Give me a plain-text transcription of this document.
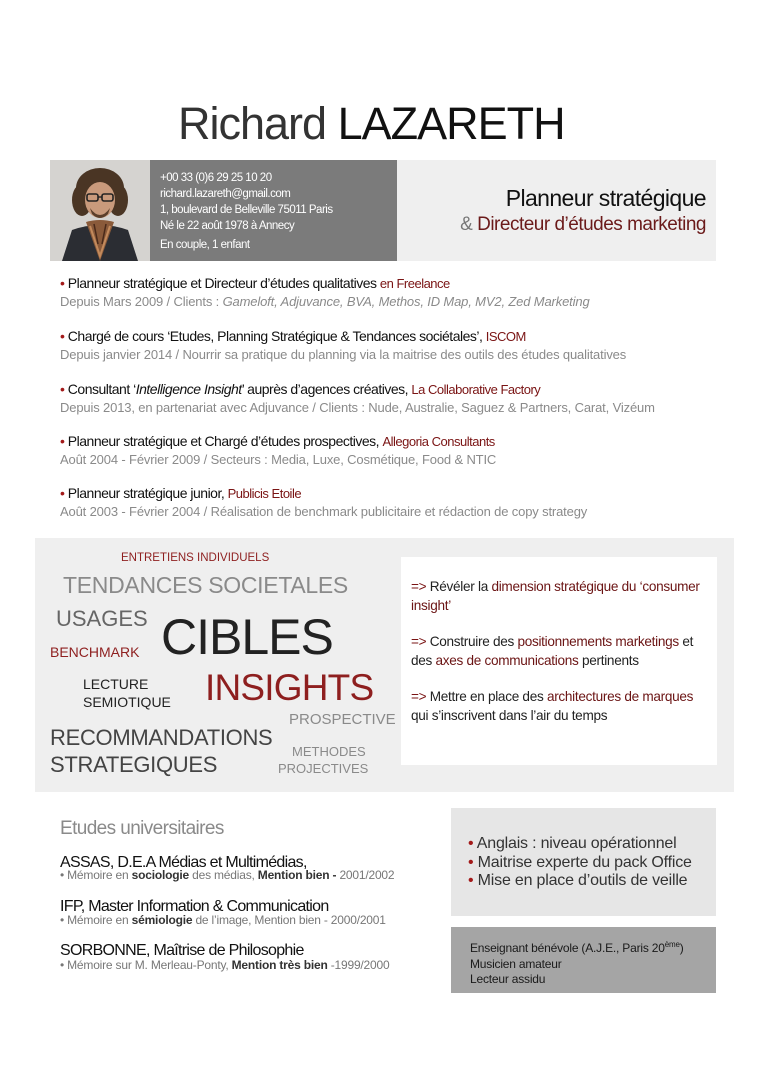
Richard LAZARETH
+00 33 (0)6 29 25 10 20
richard.lazareth@gmail.com
1, boulevard de Belleville 75011 Paris
Né le 22 août 1978 à Annecy
En couple, 1 enfant
Planneur stratégique
& Directeur d’études marketing
• Planneur stratégique et Directeur d’études qualitatives en Freelance
Depuis Mars 2009 / Clients : Gameloft, Adjuvance, BVA, Methos, ID Map, MV2, Zed Marketing
• Chargé de cours ‘Etudes, Planning Stratégique & Tendances sociétales’, ISCOM
Depuis janvier 2014 / Nourrir sa pratique du planning via la maitrise des outils des études qualitatives
• Consultant ‘Intelligence Insight’ auprès d’agences créatives, La Collaborative Factory
Depuis 2013, en partenariat avec Adjuvance / Clients : Nude, Australie, Saguez & Partners, Carat, Vizéum
• Planneur stratégique et Chargé d’études prospectives, Allegoria Consultants
Août 2004 - Février 2009 / Secteurs : Media, Luxe, Cosmétique, Food & NTIC
• Planneur stratégique junior, Publicis Etoile
Août 2003 - Février 2004 / Réalisation de benchmark publicitaire et rédaction de copy strategy
ENTRETIENS INDIVIDUELS
TENDANCES SOCIETALES
USAGES
BENCHMARK CIBLES
LECTURE
SEMIOTIQUE INSIGHTS
PROSPECTIVE
RECOMMANDATIONS
STRATEGIQUES
METHODES
PROJECTIVES

=> Révéler la dimension stratégique du ‘consumer insight’

=> Construire des positionnements marketings et des axes de communications pertinents

=> Mettre en place des architectures de marques qui s’inscrivent dans l’air du temps

Etudes universitaires
ASSAS, D.E.A Médias et Multimédias,
• Mémoire en sociologie des médias, Mention bien - 2001/2002
IFP, Master Information & Communication
• Mémoire en sémiologie de l’image, Mention bien - 2000/2001
SORBONNE, Maîtrise de Philosophie
• Mémoire sur M. Merleau-Ponty, Mention très bien -1999/2000
• Anglais : niveau opérationnel
• Maitrise experte du pack Office
• Mise en place d’outils de veille
Enseignant bénévole (A.J.E., Paris 20ème)
Musicien amateur
Lecteur assidu
